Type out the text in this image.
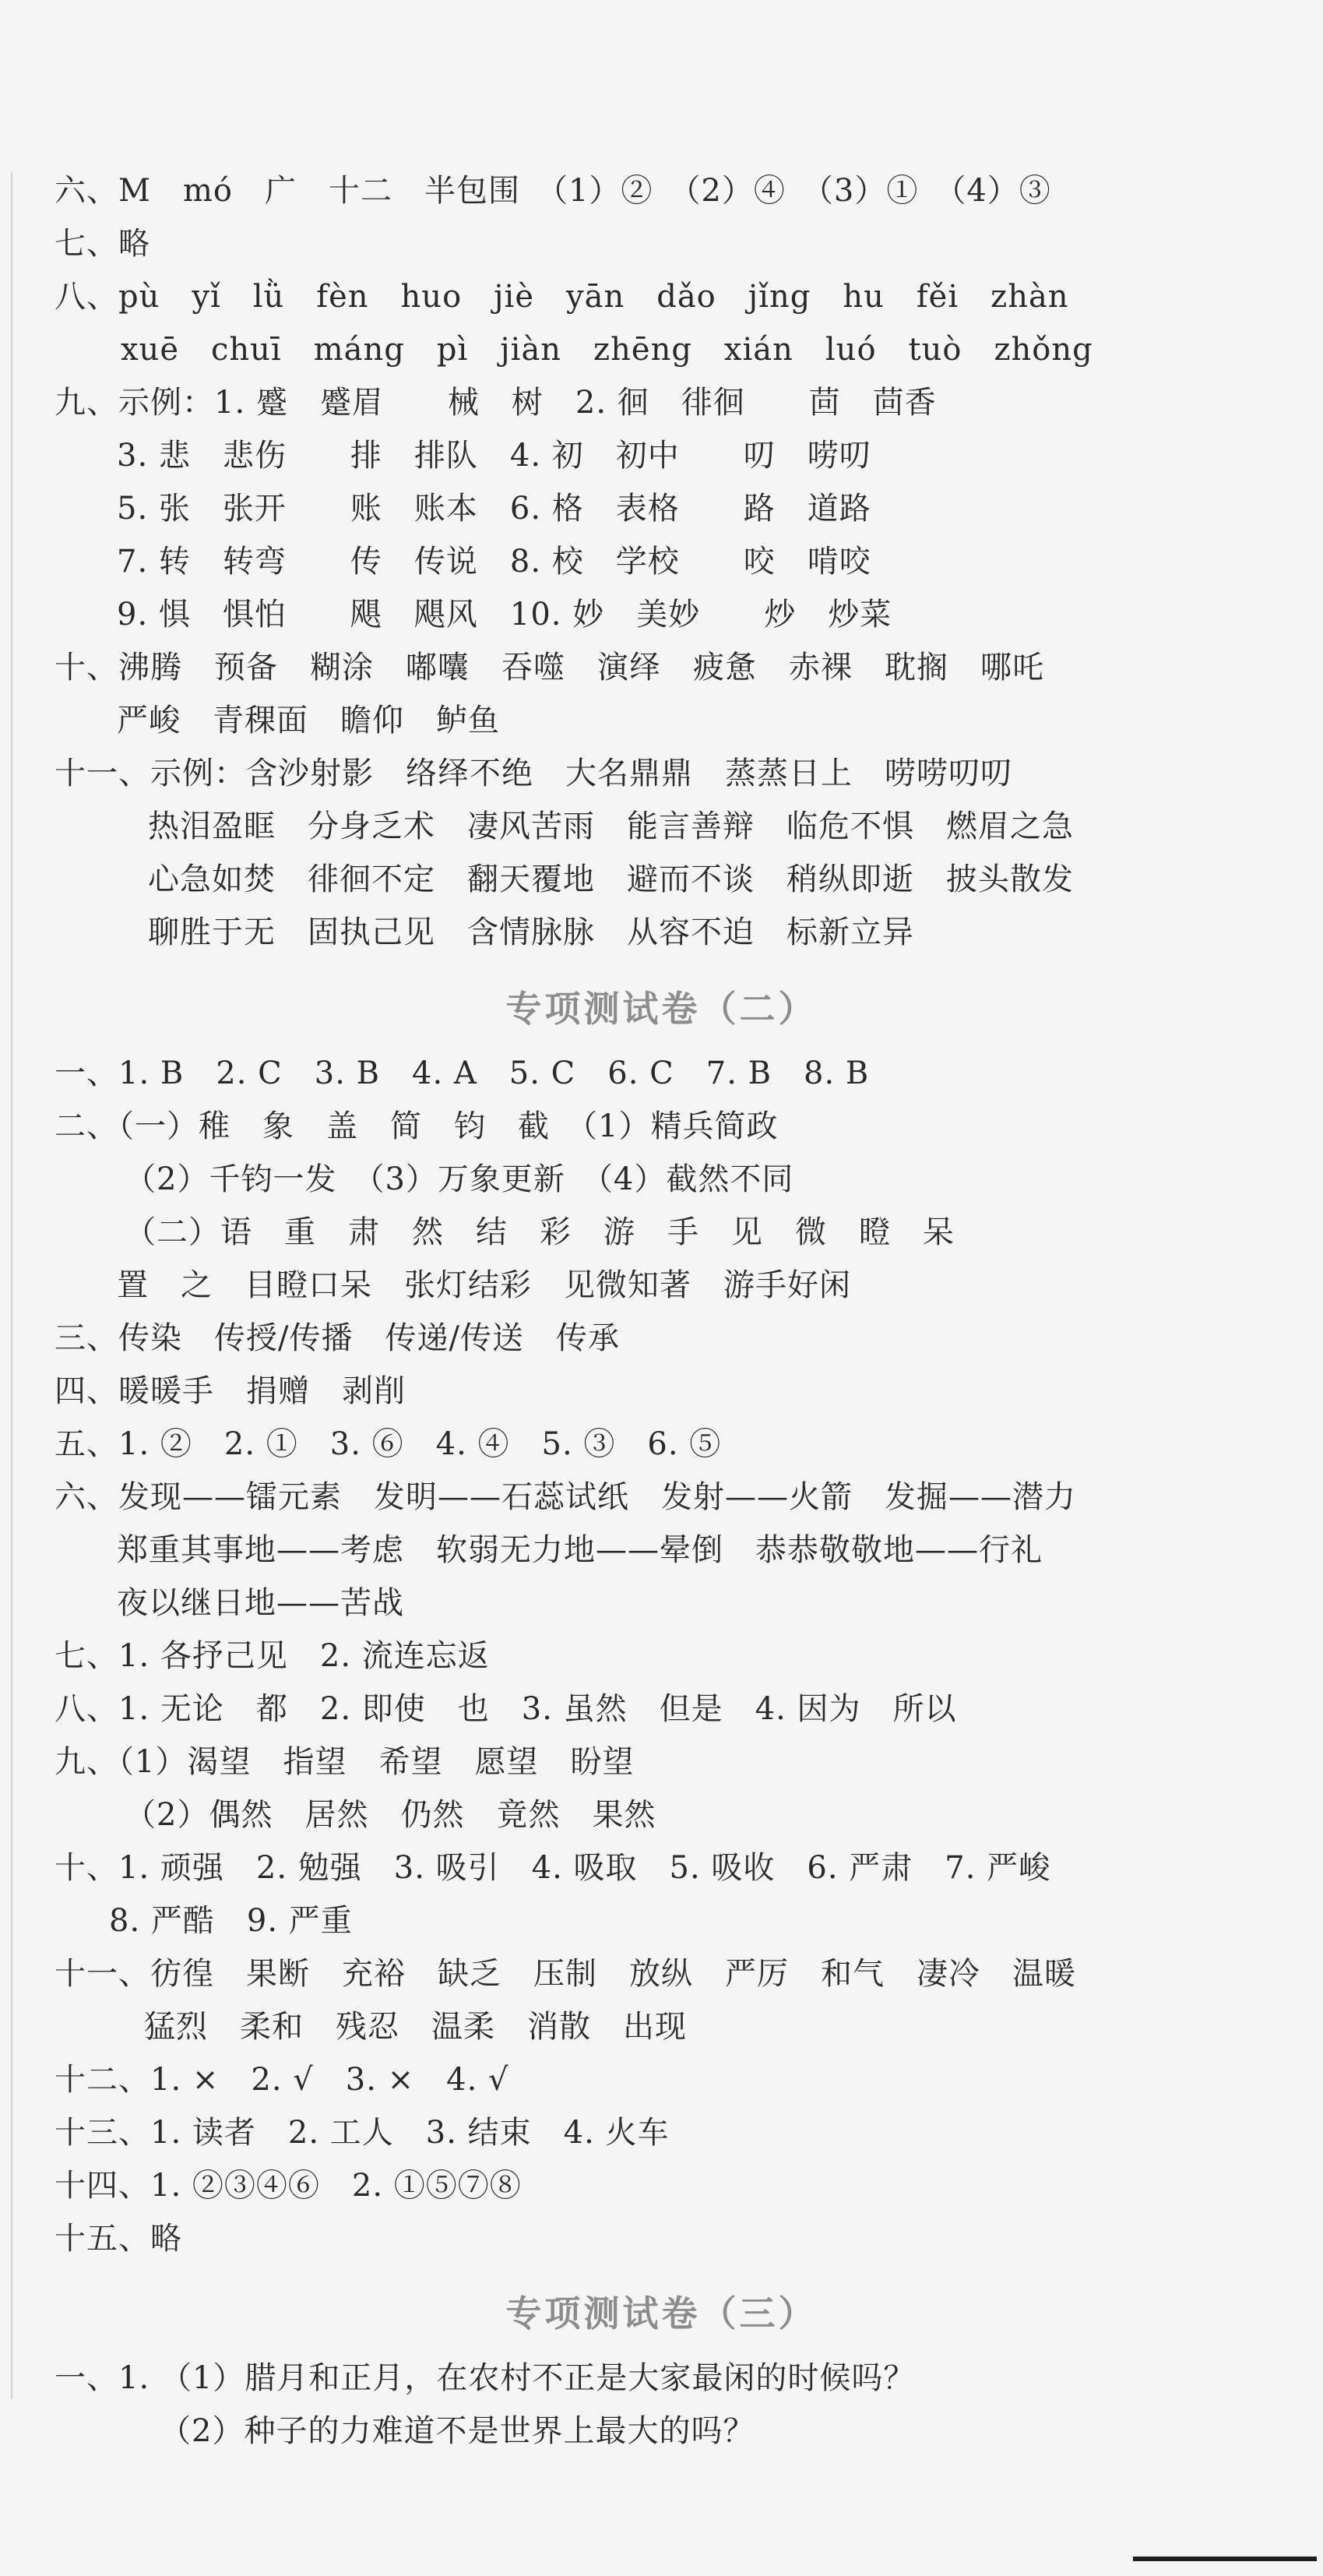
六、M　mó　广　十二　半包围　（1）②　（2）④　（3）①　（4）③
七、略
八、pù　yǐ　lǜ　fèn　huo　jiè　yān　dǎo　jǐng　hu　fěi　zhàn
xuē　chuī　máng　pì　jiàn　zhēng　xián　luó　tuò　zhǒng
九、示例：1. 蹙　蹙眉　　械　树　2. 徊　徘徊　　茴　茴香
3. 悲　悲伤　　排　排队　4. 初　初中　　叨　唠叨
5. 张　张开　　账　账本　6. 格　表格　　路　道路
7. 转　转弯　　传　传说　8. 校　学校　　咬　啃咬
9. 惧　惧怕　　飓　飓风　10. 妙　美妙　　炒　炒菜
十、沸腾　预备　糊涂　嘟囔　吞噬　演绎　疲惫　赤裸　耽搁　哪吒
严峻　青稞面　瞻仰　鲈鱼
十一、示例：含沙射影　络绎不绝　大名鼎鼎　蒸蒸日上　唠唠叨叨
热泪盈眶　分身乏术　凄风苦雨　能言善辩　临危不惧　燃眉之急
心急如焚　徘徊不定　翻天覆地　避而不谈　稍纵即逝　披头散发
聊胜于无　固执己见　含情脉脉　从容不迫　标新立异
专项测试卷（二）
一、1. B　2. C　3. B　4. A　5. C　6. C　7. B　8. B
二、（一）稚　象　盖　简　钧　截　（1）精兵简政
（2）千钧一发　（3）万象更新　（4）截然不同
（二）语　重　肃　然　结　彩　游　手　见　微　瞪　呆
置　之　目瞪口呆　张灯结彩　见微知著　游手好闲
三、传染　传授/传播　传递/传送　传承
四、暖暖手　捐赠　剥削
五、1. ②　2. ①　3. ⑥　4. ④　5. ③　6. ⑤
六、发现——镭元素　发明——石蕊试纸　发射——火箭　发掘——潜力
郑重其事地——考虑　软弱无力地——晕倒　恭恭敬敬地——行礼
夜以继日地——苦战
七、1. 各抒己见　2. 流连忘返
八、1. 无论　都　2. 即使　也　3. 虽然　但是　4. 因为　所以
九、（1）渴望　指望　希望　愿望　盼望
（2）偶然　居然　仍然　竟然　果然
十、1. 顽强　2. 勉强　3. 吸引　4. 吸取　5. 吸收　6. 严肃　7. 严峻
8. 严酷　9. 严重
十一、彷徨　果断　充裕　缺乏　压制　放纵　严厉　和气　凄冷　温暖
猛烈　柔和　残忍　温柔　消散　出现
十二、1. ×　2. √　3. ×　4. √
十三、1. 读者　2. 工人　3. 结束　4. 火车
十四、1. ②③④⑥　2. ①⑤⑦⑧
十五、略
专项测试卷（三）
一、1. （1）腊月和正月，在农村不正是大家最闲的时候吗？
（2）种子的力难道不是世界上最大的吗？
